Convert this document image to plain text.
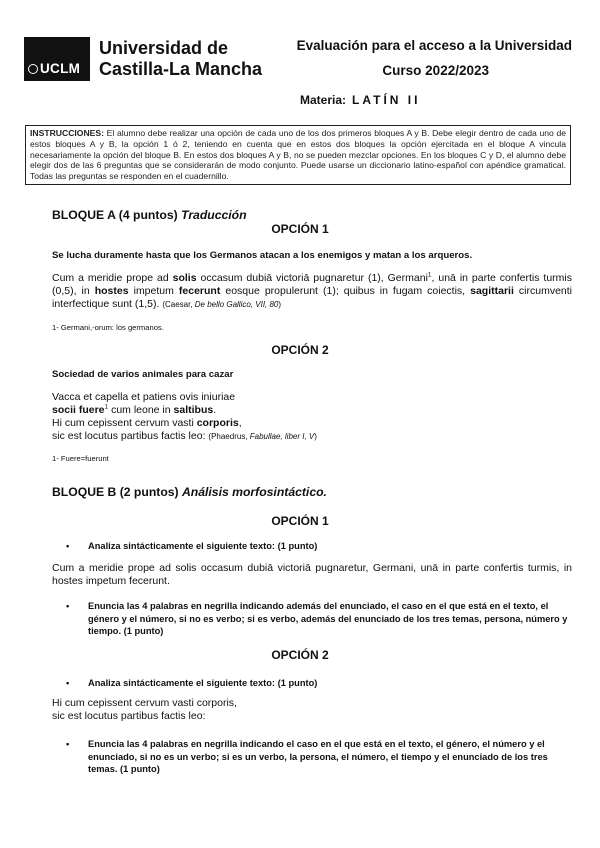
UCLM
Universidad de
Castilla-La Mancha
Evaluación para el acceso a la Universidad
Curso 2022/2023
Materia: LATÍN II
INSTRUCCIONES: El alumno debe realizar una opción de cada uno de los dos primeros bloques A y B. Debe elegir dentro de cada uno de estos bloques A y B, la opción 1 ó 2, teniendo en cuenta que en estos dos bloques la opción ejercitada en el bloque A vincula necesariamente la opción del bloque B. En estos dos bloques A y B, no se pueden mezclar opciones. En los bloques C y D, el alumno debe elegir dos de las 6 preguntas que se considerarán de modo conjunto. Puede usarse un diccionario latino-español con apéndice gramatical. Todas las preguntas se responden en el cuadernillo.
BLOQUE A (4 puntos) Traducción
OPCIÓN 1
Se lucha duramente hasta que los Germanos atacan a los enemigos y matan a los arqueros.
Cum a meridie prope ad solis occasum dubiā victoriā pugnaretur (1), Germani$^1$, unā in parte confertis turmis (0,5), in hostes impetum fecerunt eosque propulerunt (1); quibus in fugam coiectis, sagittarii circumventi interfectique sunt (1,5). (Caesar, De bello Gallico, VII, 80)
1- Germani,-orum: los germanos.
OPCIÓN 2
Sociedad de varios animales para cazar
Vacca et capella et patiens ovis iniuriae
socii fuere$^1$ cum leone in saltibus.
Hi cum cepissent cervum vasti corporis,
sic est locutus partibus factis leo: (Phaedrus, Fabullae, liber I, V)
1- Fuere=fuerunt
BLOQUE B (2 puntos) Análisis morfosintáctico.
OPCIÓN 1
• Analiza sintácticamente el siguiente texto: (1 punto)
Cum a meridie prope ad solis occasum dubiā victoriā pugnaretur, Germani, unā in parte confertis turmis, in hostes impetum fecerunt.
• Enuncia las 4 palabras en negrilla indicando además del enunciado, el caso en el que está en el texto, el género y el número, si no es verbo; si es verbo, además del enunciado de los tres temas, persona, número y tiempo. (1 punto)
OPCIÓN 2
• Analiza sintácticamente el siguiente texto: (1 punto)
Hi cum cepissent cervum vasti corporis,
sic est locutus partibus factis leo:
• Enuncia las 4 palabras en negrilla indicando el caso en el que está en el texto, el género, el número y el enunciado, si no es un verbo; si es un verbo, la persona, el número, el tiempo y el enunciado de los tres temas. (1 punto)
